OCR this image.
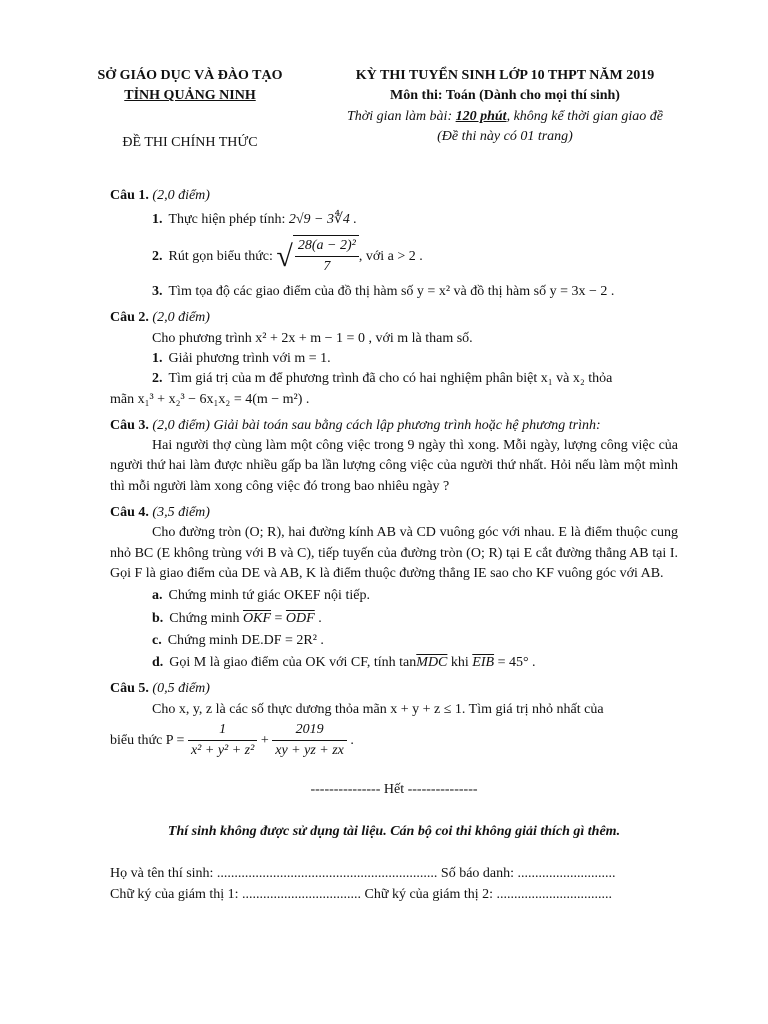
SỞ GIÁO DỤC VÀ ĐÀO TẠO
TỈNH QUẢNG NINH
ĐỀ THI CHÍNH THỨC
KỲ THI TUYỂN SINH LỚP 10 THPT NĂM 2019
Môn thi: Toán (Dành cho mọi thí sinh)
Thời gian làm bài: 120 phút, không kể thời gian giao đề
(Đề thi này có 01 trang)
Câu 1. (2,0 điểm)
1. Thực hiện phép tính: 2√9 − 3∜4 .
2. Rút gọn biểu thức: √ $\frac{\text{28(a − 2)²}}{7}$ , với a > 2 .
3. Tìm tọa độ các giao điểm của đồ thị hàm số y = x² và đồ thị hàm số y = 3x − 2 .
Câu 2. (2,0 điểm)
Cho phương trình x² + 2x + m − 1 = 0 , với m là tham số.
1. Giải phương trình với m = 1.
2. Tìm giá trị của m để phương trình đã cho có hai nghiệm phân biệt x₁ và x₂ thỏa
mãn x₁³ + x₂³ − 6x₁x₂ = 4(m − m²) .
Câu 3. (2,0 điểm) Giải bài toán sau bằng cách lập phương trình hoặc hệ phương trình:
Hai người thợ cùng làm một công việc trong 9 ngày thì xong. Mỗi ngày, lượng công việc của người thứ hai làm được nhiều gấp ba lần lượng công việc của người thứ nhất. Hỏi nếu làm một mình thì mỗi người làm xong công việc đó trong bao nhiêu ngày ?
Câu 4. (3,5 điểm)
Cho đường tròn (O; R), hai đường kính AB và CD vuông góc với nhau. E là điểm thuộc cung nhỏ BC (E không trùng với B và C), tiếp tuyến của đường tròn (O; R) tại E cắt đường thẳng AB tại I. Gọi F là giao điểm của DE và AB, K là điểm thuộc đường thẳng IE sao cho KF vuông góc với AB.
a. Chứng minh tứ giác OKEF nội tiếp.
b. Chứng minh $\overline{OKF} = \overline{ODF}$ .
c. Chứng minh DE.DF = 2R² .
d. Gọi M là giao điểm của OK với CF, tính $\tan\overline{MDC}$ khi $\overline{EIB} = 45^\circ$ .
Câu 5. (0,5 điểm)
Cho x, y, z là các số thực dương thỏa mãn x + y + z ≤ 1. Tìm giá trị nhỏ nhất của
biểu thức $P = \frac{1}{\text{x² + y² + z²}} + \frac{2019}{xy + yz + zx}$ .
--------------- Hết ---------------
Thí sinh không được sử dụng tài liệu. Cán bộ coi thi không giải thích gì thêm.
Họ và tên thí sinh: ............................................................... Số báo danh: ............................
Chữ ký của giám thị 1: .................................. Chữ ký của giám thị 2: .................................
